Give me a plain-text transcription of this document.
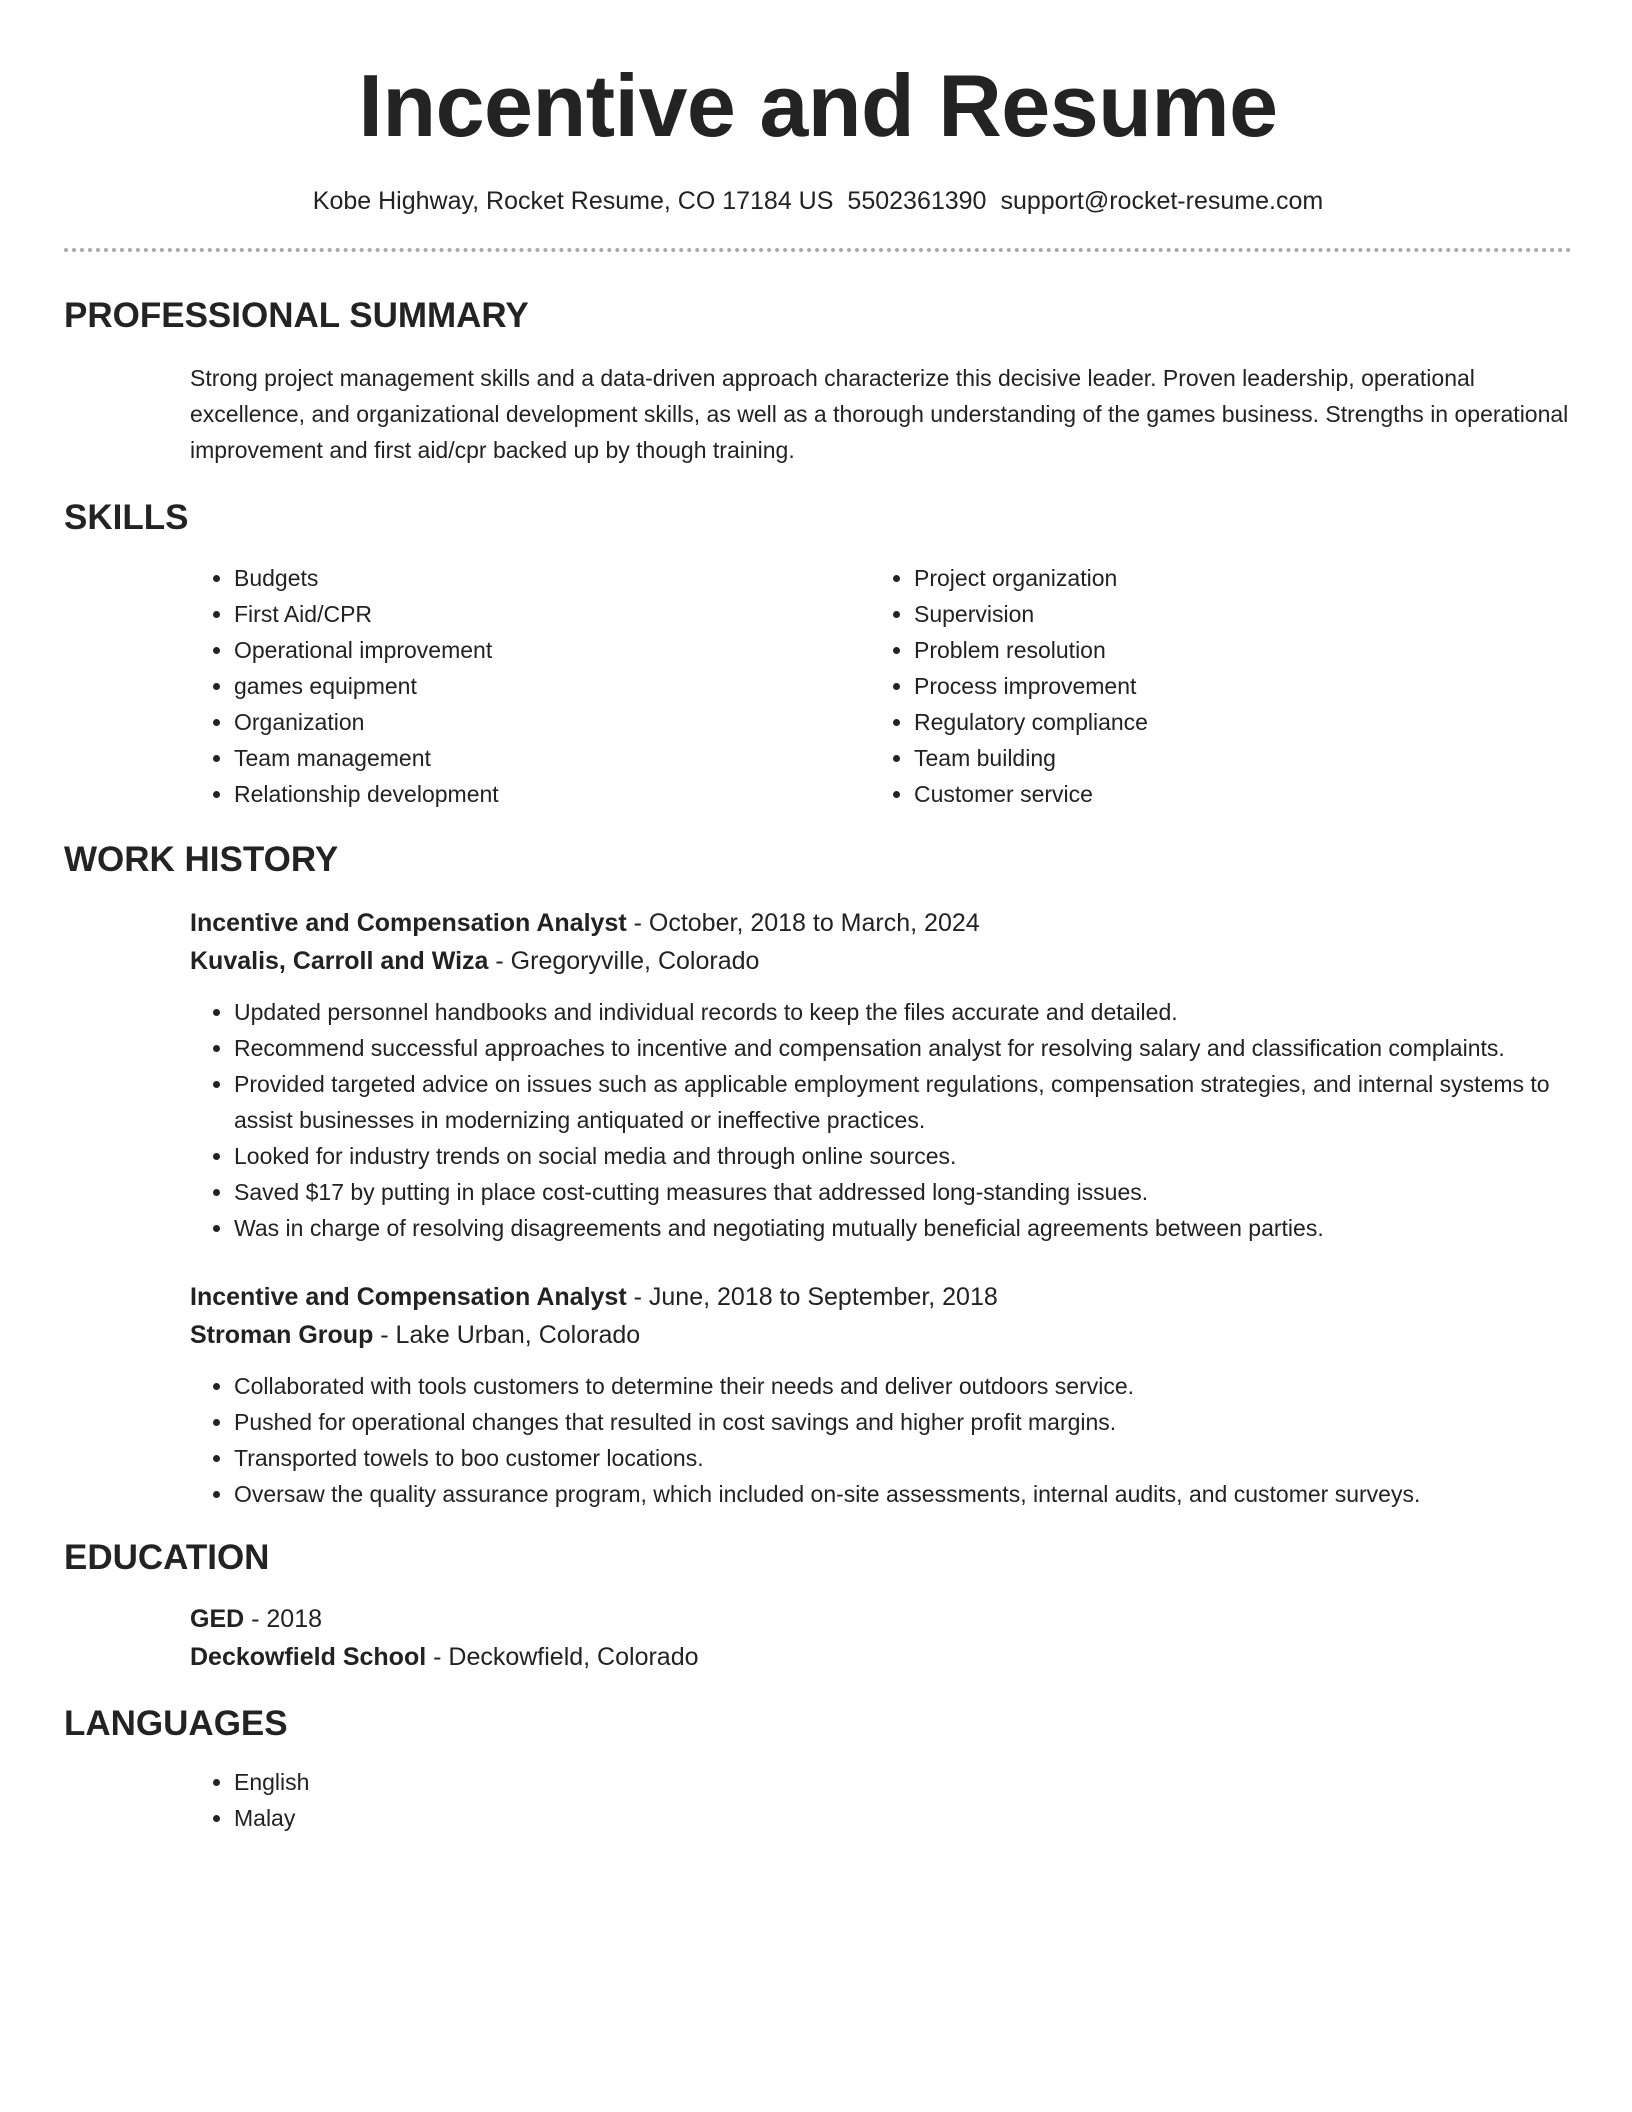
Incentive and Resume
Kobe Highway, Rocket Resume, CO 17184 US 5502361390 support@rocket-resume.com
PROFESSIONAL SUMMARY
Strong project management skills and a data-driven approach characterize this decisive leader. Proven leadership, operational excellence, and organizational development skills, as well as a thorough understanding of the games business. Strengths in operational improvement and first aid/cpr backed up by though training.
SKILLS
• Budgets
• First Aid/CPR
• Operational improvement
• games equipment
• Organization
• Team management
• Relationship development
• Project organization
• Supervision
• Problem resolution
• Process improvement
• Regulatory compliance
• Team building
• Customer service
WORK HISTORY
Incentive and Compensation Analyst - October, 2018 to March, 2024
Kuvalis, Carroll and Wiza - Gregoryville, Colorado
• Updated personnel handbooks and individual records to keep the files accurate and detailed.
• Recommend successful approaches to incentive and compensation analyst for resolving salary and classification complaints.
• Provided targeted advice on issues such as applicable employment regulations, compensation strategies, and internal systems to assist businesses in modernizing antiquated or ineffective practices.
• Looked for industry trends on social media and through online sources.
• Saved $17 by putting in place cost-cutting measures that addressed long-standing issues.
• Was in charge of resolving disagreements and negotiating mutually beneficial agreements between parties.
Incentive and Compensation Analyst - June, 2018 to September, 2018
Stroman Group - Lake Urban, Colorado
• Collaborated with tools customers to determine their needs and deliver outdoors service.
• Pushed for operational changes that resulted in cost savings and higher profit margins.
• Transported towels to boo customer locations.
• Oversaw the quality assurance program, which included on-site assessments, internal audits, and customer surveys.
EDUCATION
GED - 2018
Deckowfield School - Deckowfield, Colorado
LANGUAGES
• English
• Malay
